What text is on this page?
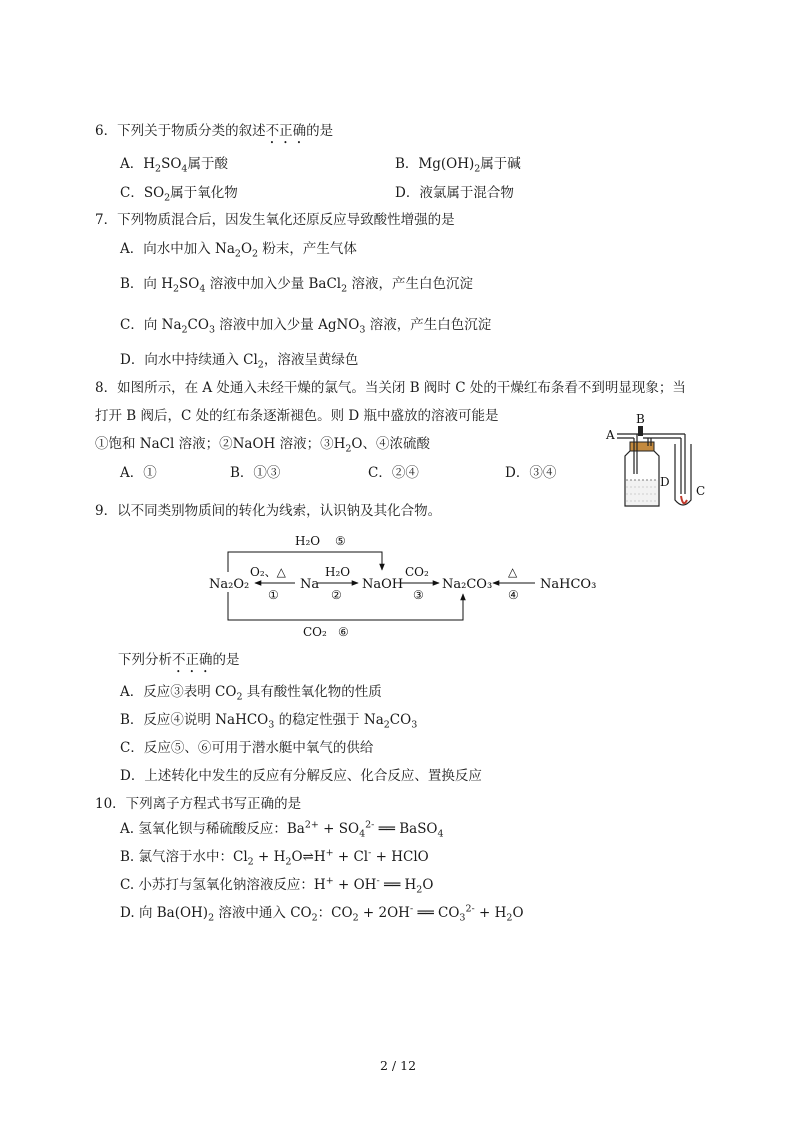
6．下列关于物质分类的叙述不正确的是
A．$H_2SO_4$属于酸	B．$Mg(OH)_2$属于碱
C．$SO_2$属于氧化物	D．液氯属于混合物
7．下列物质混合后，因发生氧化还原反应导致酸性增强的是
A．向水中加入 $Na_2O_2$ 粉末，产生气体
B．向 $H_2SO_4$ 溶液中加入少量 BaCl$_2$ 溶液，产生白色沉淀
C．向 $Na_2CO_3$ 溶液中加入少量 AgNO$_3$ 溶液，产生白色沉淀
D．向水中持续通入 $Cl_2$，溶液呈黄绿色
8．如图所示，在 A 处通入未经干燥的氯气。当关闭 B 阀时 C 处的干燥红布条看不到明显现象；当
打开 B 阀后，C 处的红布条逐渐褪色。则 D 瓶中盛放的溶液可能是
①饱和 NaCl 溶液；②NaOH 溶液；$③H_2O$、④浓硫酸
A．①	B．①③	C．②④	D．③④
A
B
D
C
9．以不同类别物质间的转化为线索，认识钠及其化合物。
Na₂O₂	Na	NaOH	Na₂CO₃	NaHCO₃
O₂、△
①
H₂O
②
CO₂
③
△
④
H₂O ⑤
CO₂ ⑥
下列分析不正确的是
A．反应③表明 $CO_2$ 具有酸性氧化物的性质
B．反应④说明 NaHCO$_3$ 的稳定性强于 $Na_2CO_3$
C．反应⑤、⑥可用于潜水艇中氧气的供给
D．上述转化中发生的反应有分解反应、化合反应、置换反应
10．下列离子方程式书写正确的是
A. 氢氧化钡与稀硫酸反应：$Ba^{2+} + SO_4^{2-}$ ══ BaSO$_4$
B. 氯气溶于水中：$Cl_2$ + $H_2O\rightleftharpoons H^+ + Cl^-$ + HClO
C. 小苏打与氢氧化钠溶液反应：H+ + OH- ══ $H_2O$
D. 向 $Ba(OH)_2$ 溶液中通入 $CO_2$：$CO_2 + 2OH^-$ ══ $CO_3^{2-} + H_2O$
2 / 12
